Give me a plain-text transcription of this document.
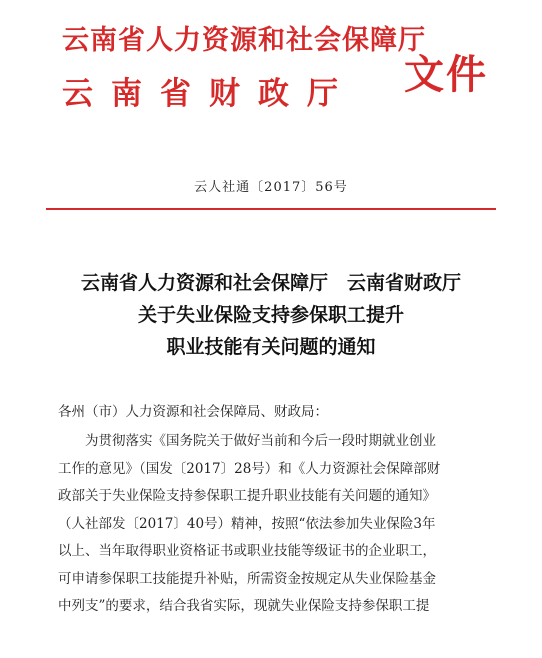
云南省人力资源和社会保障厅
云南省财政厅 文件
云人社通〔2017〕56号
云南省人力资源和社会保障厅　云南省财政厅
关于失业保险支持参保职工提升
职业技能有关问题的通知
各州（市）人力资源和社会保障局、财政局：
　　为贯彻落实《国务院关于做好当前和今后一段时期就业创业
工作的意见》（国发〔2017〕28号）和《人力资源社会保障部财
政部关于失业保险支持参保职工提升职业技能有关问题的通知》
（人社部发〔2017〕40号）精神，按照“依法参加失业保险3年
以上、当年取得职业资格证书或职业技能等级证书的企业职工，
可申请参保职工技能提升补贴，所需资金按规定从失业保险基金
中列支”的要求，结合我省实际，现就失业保险支持参保职工提
